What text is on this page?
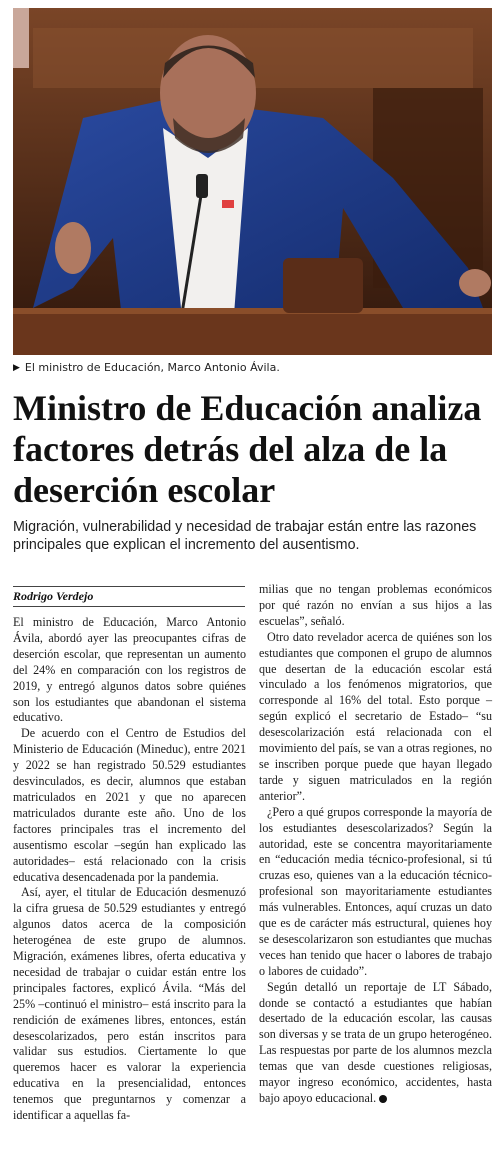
▶ El ministro de Educación, Marco Antonio Ávila.
Ministro de Educación analiza factores detrás del alza de la deserción escolar

Migración, vulnerabilidad y necesidad de trabajar están entre las razones principales que explican el incremento del ausentismo.

Rodrigo Verdejo

El ministro de Educación, Marco Antonio Ávila, abordó ayer las preocupantes cifras de deserción escolar, que representan un aumento del 24% en comparación con los registros de 2019, y entregó algunos datos sobre quiénes son los estudiantes que abandonan el sistema educativo.

De acuerdo con el Centro de Estudios del Ministerio de Educación (Mineduc), entre 2021 y 2022 se han registrado 50.529 estudiantes desvinculados, es decir, alumnos que estaban matriculados en 2021 y que no aparecen matriculados durante este año. Uno de los factores principales tras el incremento del ausentismo escolar –según han explicado las autoridades– está relacionado con la crisis educativa desencadenada por la pandemia.

Así, ayer, el titular de Educación desmenuzó la cifra gruesa de 50.529 estudiantes y entregó algunos datos acerca de la composición heterogénea de este grupo de alumnos. Migración, exámenes libres, oferta educativa y necesidad de trabajar o cuidar están entre los principales factores, explicó Ávila. “Más del 25% –continuó el ministro– está inscrito para la rendición de exámenes libres, entonces, están desescolarizados, pero están inscritos para validar sus estudios. Ciertamente lo que queremos hacer es valorar la experiencia educativa en la presencialidad, entonces tenemos que preguntarnos y comenzar a identificar a aquellas fa-

milias que no tengan problemas económicos por qué razón no envían a sus hijos a las escuelas”, señaló.

Otro dato revelador acerca de quiénes son los estudiantes que componen el grupo de alumnos que desertan de la educación escolar está vinculado a los fenómenos migratorios, que corresponde al 16% del total. Esto porque –según explicó el secretario de Estado– “su desescolarización está relacionada con el movimiento del país, se van a otras regiones, no se inscriben porque puede que hayan llegado tarde y siguen matriculados en la región anterior”.

¿Pero a qué grupos corresponde la mayoría de los estudiantes desescolarizados? Según la autoridad, este se concentra mayoritariamente en “educación media técnico-profesional, si tú cruzas eso, quienes van a la educación técnico-profesional son mayoritariamente estudiantes más vulnerables. Entonces, aquí cruzas un dato que es de carácter más estructural, quienes hoy se desescolarizaron son estudiantes que muchas veces han tenido que hacer o labores de trabajo o labores de cuidado”.

Según detalló un reportaje de LT Sábado, donde se contactó a estudiantes que habían desertado de la educación escolar, las causas son diversas y se trata de un grupo heterogéneo. Las respuestas por parte de los alumnos mezcla temas que van desde cuestiones religiosas, mayor ingreso económico, accidentes, hasta bajo apoyo educacional.
